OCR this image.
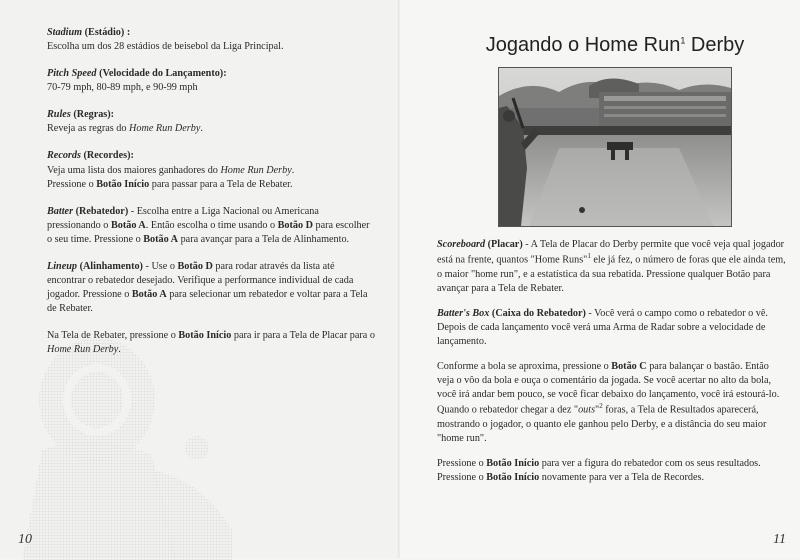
Stadium (Estádio) :

Escolha um dos 28 estádios de beisebol da Liga Principal.

Pitch Speed (Velocidade do Lançamento):

70-79 mph, 80-89 mph, e 90-99 mph

Rules (Regras):

Reveja as regras do Home Run Derby.

Records (Recordes):

Veja uma lista dos maiores ganhadores do Home Run Derby.
Pressione o Botão Início para passar para a Tela de Rebater.

Batter (Rebatedor) - Escolha entre a Liga Nacional ou Americana pressionando o Botão A. Então escolha o time usando o Botão D para escolher o seu time. Pressione o Botão A para avançar para a Tela de Alinhamento.

Lineup (Alinhamento) - Use o Botão D para rodar através da lista até encontrar o rebatedor desejado. Verifique a performance individual de cada jogador. Pressione o Botão A para selecionar um rebatedor e voltar para a Tela de Rebater.

Na Tela de Rebater, pressione o Botão Início para ir para a Tela de Placar para o Home Run Derby.

10
Jogando o Home Run$^1$ Derby

Scoreboard (Placar) - A Tela de Placar do Derby permite que você veja qual jogador está na frente, quantos "Home Runs"$^1$ ele já fez, o número de foras que ele ainda tem, o maior "home run", e a estatística da sua rebatida. Pressione qualquer Botão para avançar para a Tela de Rebater.

Batter's Box (Caixa do Rebatedor) - Você verá o campo como o rebatedor o vê. Depois de cada lançamento você verá uma Arma de Radar sobre a velocidade de lançamento.

Conforme a bola se aproxima, pressione o Botão C para balançar o bastão. Então veja o vôo da bola e ouça o comentário da jogada. Se você acertar no alto da bola, você irá andar bem pouco, se você ficar debaixo do lançamento, você irá estourá-lo.

Quando o rebatedor chegar a dez "outs"$^2$ foras, a Tela de Resultados aparecerá, mostrando o jogador, o quanto ele ganhou pelo Derby, e a distância do seu maior "home run".

Pressione o Botão Início para ver a figura do rebatedor com os seus resultados.
Pressione o Botão Início novamente para ver a Tela de Recordes.

11
